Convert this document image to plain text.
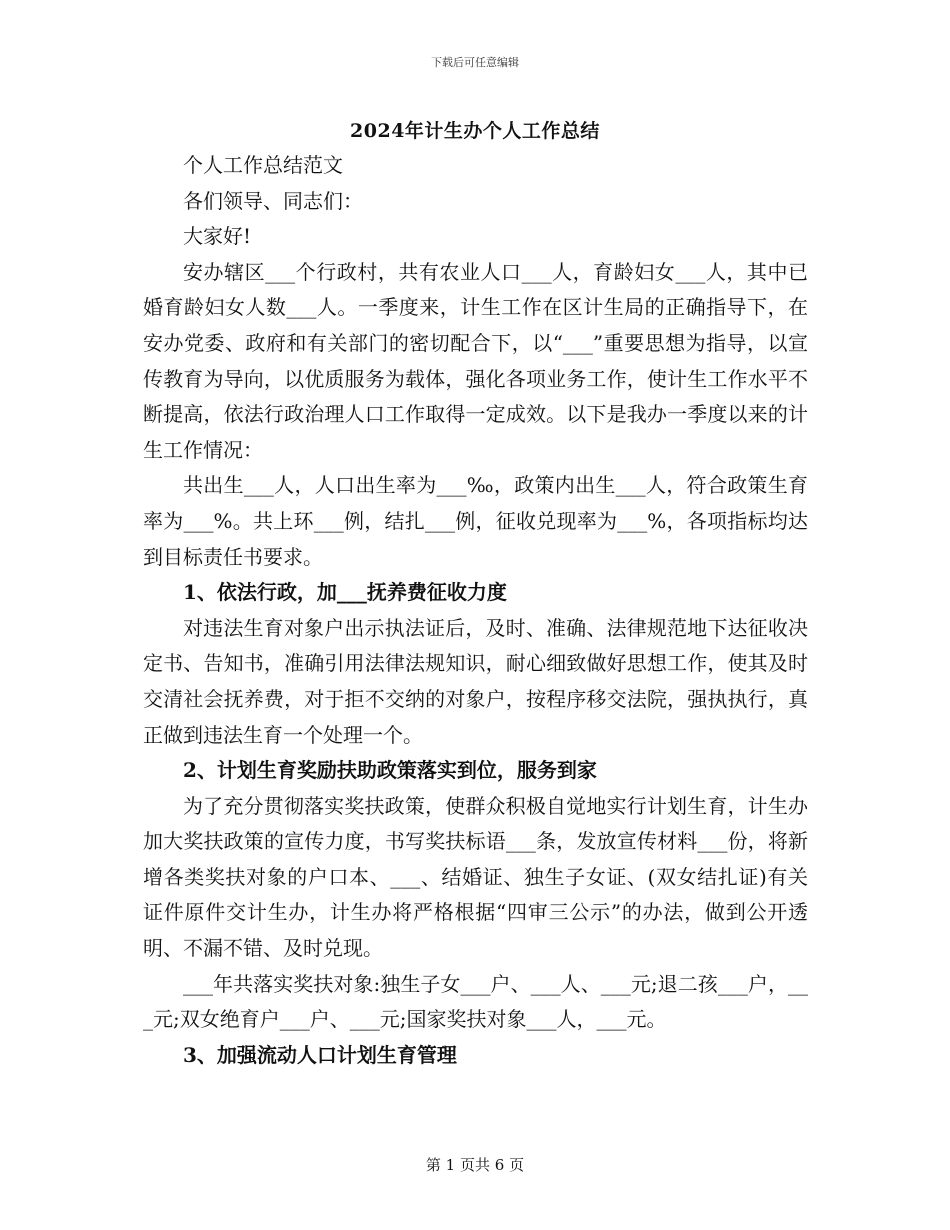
下载后可任意编辑
2024年计生办个人工作总结

个人工作总结范文

各们领导、同志们：

大家好!

安办辖区___个行政村，共有农业人口___人，育龄妇女___人，其中已婚育龄妇女人数___人。一季度来，计生工作在区计生局的正确指导下，在安办党委、政府和有关部门的密切配合下，以“___”重要思想为指导，以宣传教育为导向，以优质服务为载体，强化各项业务工作，使计生工作水平不断提高，依法行政治理人口工作取得一定成效。以下是我办一季度以来的计生工作情况：

共出生___人，人口出生率为___‰，政策内出生___人，符合政策生育率为___%。共上环___例，结扎___例，征收兑现率为___%，各项指标均达到目标责任书要求。

1、依法行政，加___抚养费征收力度

对违法生育对象户出示执法证后，及时、准确、法律规范地下达征收决定书、告知书，准确引用法律法规知识，耐心细致做好思想工作，使其及时交清社会抚养费，对于拒不交纳的对象户，按程序移交法院，强执执行，真正做到违法生育一个处理一个。

2、计划生育奖励扶助政策落实到位，服务到家

为了充分贯彻落实奖扶政策，使群众积极自觉地实行计划生育，计生办加大奖扶政策的宣传力度，书写奖扶标语___条，发放宣传材料___份，将新增各类奖扶对象的户口本、___、结婚证、独生子女证、(双女结扎证)有关证件原件交计生办，计生办将严格根据“四审三公示”的办法，做到公开透明、不漏不错、及时兑现。

___年共落实奖扶对象:独生子女___户、___人、___元;退二孩___户，___元;双女绝育户___户、___元;国家奖扶对象___人，___元。

3、加强流动人口计划生育管理

第 1 页共 6 页
